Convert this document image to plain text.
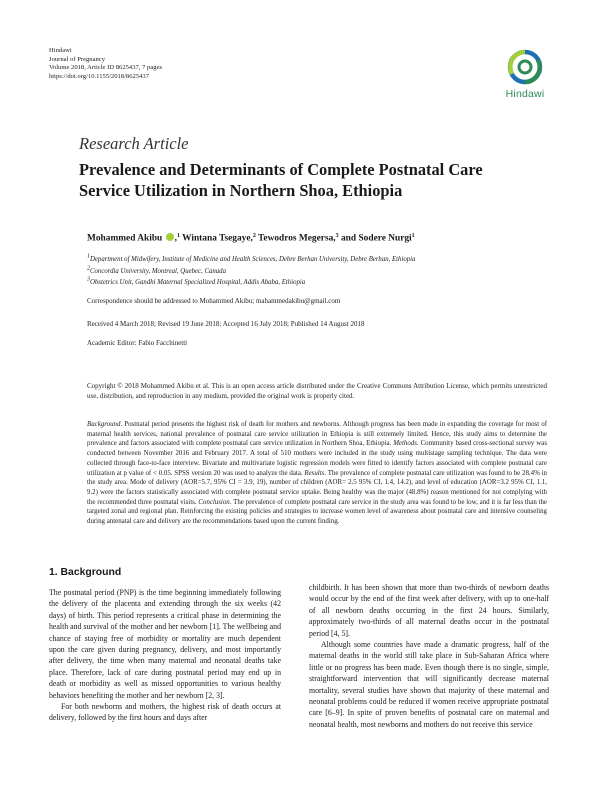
Hindawi
Journal of Pregnancy
Volume 2018, Article ID 8625437, 7 pages
https://doi.org/10.1155/2018/8625437
Hindawi
Research Article
Prevalence and Determinants of Complete Postnatal Care
Service Utilization in Northern Shoa, Ethiopia
Mohammed Akibu ,$^1$ Wintana Tsegaye,$^2$ Tewodros Megersa,$^3$ and Sodere Nurgi$^1$
$^1$Department of Midwifery, Institute of Medicine and Health Sciences, Debre Berhan University, Debre Berhan, Ethiopia
$^2$Concordia University, Montreal, Quebec, Canada
$^3$Obstetrics Unit, Gandhi Maternal Specialized Hospital, Addis Ababa, Ethiopia
Correspondence should be addressed to Mohammed Akibu; mahammedakibu@gmail.com
Received 4 March 2018; Revised 19 June 2018; Accepted 16 July 2018; Published 14 August 2018
Academic Editor: Fabio Facchinetti
Copyright © 2018 Mohammed Akibu et al. This is an open access article distributed under the Creative Commons Attribution License, which permits unrestricted use, distribution, and reproduction in any medium, provided the original work is properly cited.
Background. Postnatal period presents the highest risk of death for mothers and newborns. Although progress has been made in expanding the coverage for most of maternal health services, national prevalence of postnatal care service utilization in Ethiopia is still extremely limited. Hence, this study aims to determine the prevalence and factors associated with complete postnatal care service utilization in Northern Shoa, Ethiopia. Methods. Community based cross-sectional survey was conducted between November 2016 and February 2017. A total of 510 mothers were included in the study using multistage sampling technique. The data were collected through face-to-face interview. Bivariate and multivariate logistic regression models were fitted to identify factors associated with complete postnatal care utilization at p value of < 0.05. SPSS version 20 was used to analyze the data. Results. The prevalence of complete postnatal care utilization was found to be 28.4% in the study area. Mode of delivery (AOR=5.7, 95% CI = 3.9, 19), number of children (AOR= 2.5 95% CI, 1.4, 14.2), and level of education (AOR=3.2 95% CI, 1.1, 9.2) were the factors statistically associated with complete postnatal service uptake. Being healthy was the major (48.8%) reason mentioned for not complying with the recommended three postnatal visits. Conclusion. The prevalence of complete postnatal care service in the study area was found to be low, and it is far less than the targeted zonal and regional plan. Reinforcing the existing policies and strategies to increase women level of awareness about postnatal care and intensive counseling during antenatal care and delivery are the recommendations based upon the current finding.
1. Background

The postnatal period (PNP) is the time beginning immediately following the delivery of the placenta and extending through the six weeks (42 days) of birth. This period represents a critical phase in determining the health and survival of the mother and her newborn [1]. The wellbeing and chance of staying free of morbidity or mortality are much dependent upon the care given during pregnancy, delivery, and most importantly after delivery, the time when many maternal and neonatal deaths take place. Therefore, lack of care during postnatal period may end up in death or morbidity as well as missed opportunities to various healthy behaviors benefiting the mother and her newborn [2, 3].

For both newborns and mothers, the highest risk of death occurs at delivery, followed by the first hours and days after

childbirth. It has been shown that more than two-thirds of newborn deaths would occur by the end of the first week after delivery, with up to one-half of all newborn deaths occurring in the first 24 hours. Similarly, approximately two-thirds of all maternal deaths occur in the postnatal period [4, 5].

Although some countries have made a dramatic progress, half of the maternal deaths in the world still take place in Sub-Saharan Africa where little or no progress has been made. Even though there is no single, simple, straightforward intervention that will significantly decrease maternal mortality, several studies have shown that majority of these maternal and neonatal problems could be reduced if women receive appropriate postnatal care [6–9]. In spite of proven benefits of postnatal care on maternal and neonatal health, most newborns and mothers do not receive this service
